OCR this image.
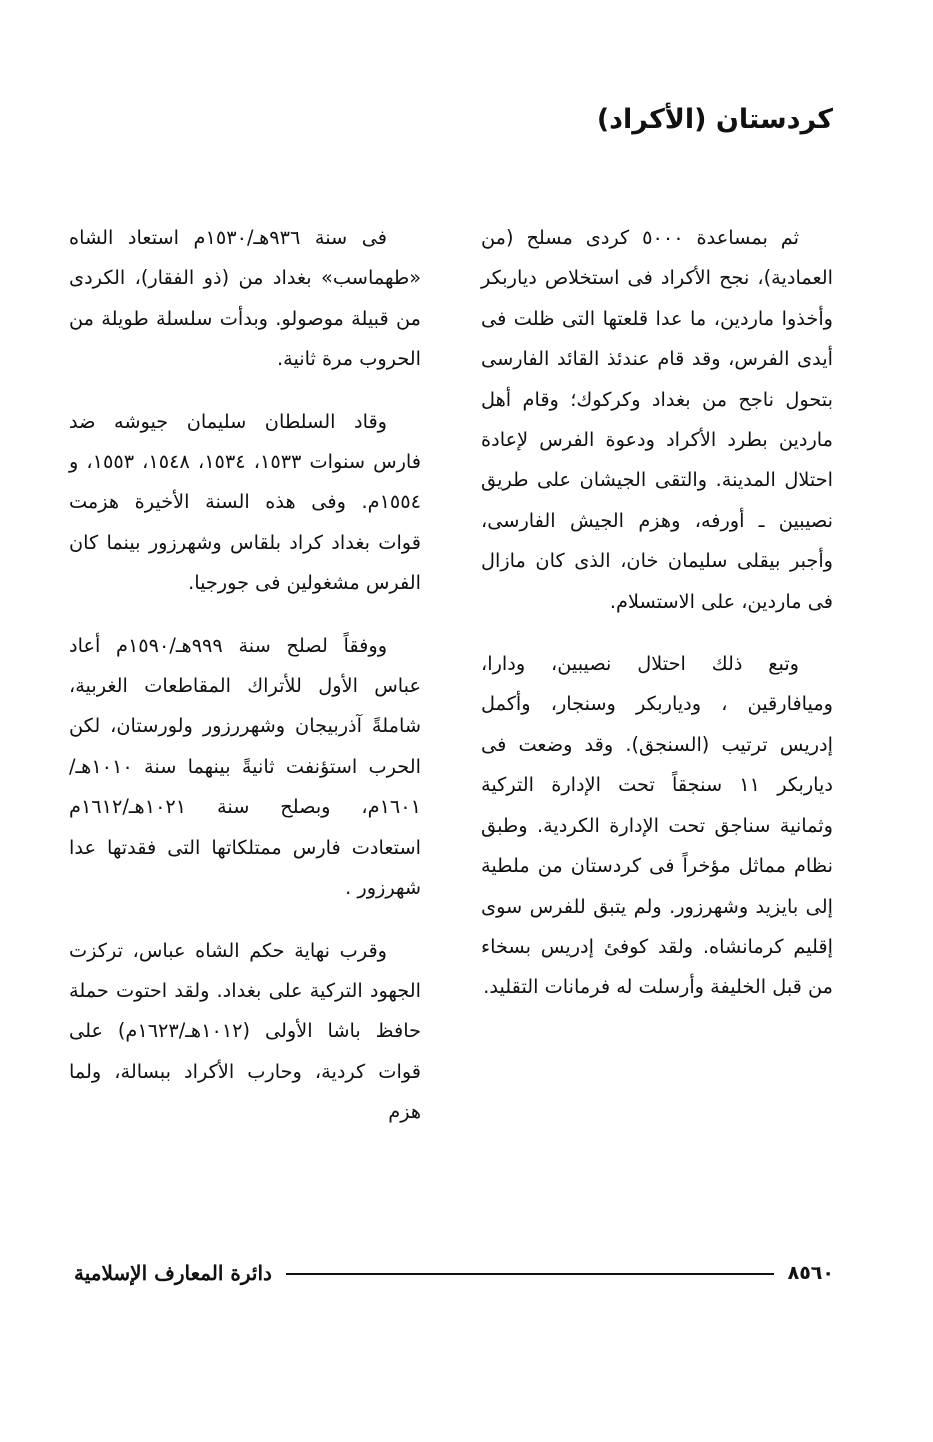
كردستان (الأكراد)

ثم بمساعدة ٥٠٠٠ كردى مسلح (من العمادية)، نجح الأكراد فى استخلاص دياربكر وأخذوا ماردين، ما عدا قلعتها التى ظلت فى أيدى الفرس، وقد قام عندئذ القائد الفارسى بتحول ناجح من بغداد وكركوك؛ وقام أهل ماردين بطرد الأكراد ودعوة الفرس لإعادة احتلال المدينة. والتقى الجيشان على طريق نصيبين ـ أورفه، وهزم الجيش الفارسى، وأجبر بيقلى سليمان خان، الذى كان مازال فى ماردين، على الاستسلام.

وتبع ذلك احتلال نصيبين، ودارا، وميافارقين ، ودياربكر وسنجار، وأكمل إدريس ترتيب (السنجق). وقد وضعت فى دياربكر ١١ سنجقاً تحت الإدارة التركية وثمانية سناجق تحت الإدارة الكردية. وطبق نظام مماثل مؤخراً فى كردستان من ملطية إلى بايزيد وشهرزور. ولم يتبق للفرس سوى إقليم كرمانشاه. ولقد كوفئ إدريس بسخاء من قبل الخليفة وأرسلت له فرمانات التقليد.

فى سنة ٩٣٦هـ/١٥٣٠م استعاد الشاه «طهماسب» بغداد من (ذو الفقار)، الكردى من قبيلة موصولو. وبدأت سلسلة طويلة من الحروب مرة ثانية.

وقاد السلطان سليمان جيوشه ضد فارس سنوات ١٥٣٣، ١٥٣٤، ١٥٤٨، ١٥٥٣، و ١٥٥٤م. وفى هذه السنة الأخيرة هزمت قوات بغداد كراد بلقاس وشهرزور بينما كان الفرس مشغولين فى جورجيا.

ووفقاً لصلح سنة ٩٩٩هـ/١٥٩٠م أعاد عباس الأول للأتراك المقاطعات الغربية، شاملةً آذربيجان وشهررزور ولورستان، لكن الحرب استؤنفت ثانيةً بينهما سنة ١٠١٠هـ/١٦٠١م، وبصلح سنة ١٠٢١هـ/١٦١٢م استعادت فارس ممتلكاتها التى فقدتها عدا شهرزور .

وقرب نهاية حكم الشاه عباس، تركزت الجهود التركية على بغداد. ولقد احتوت حملة حافظ باشا الأولى (١٠١٢هـ/١٦٢٣م) على قوات كردية، وحارب الأكراد ببسالة، ولما هزم

٨٥٦٠
دائرة المعارف الإسلامية
